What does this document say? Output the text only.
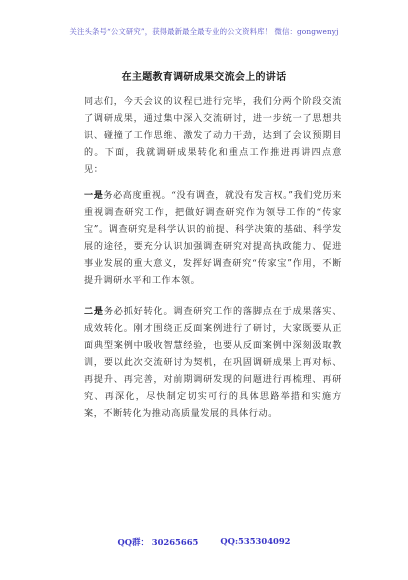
关注头条号“公文研究”，获得最新最全最专业的公文资料库！ 微信：gongwenyj
在主题教育调研成果交流会上的讲话

同志们，今天会议的议程已进行完毕，我们分两个阶段交流了调研成果，通过集中深入交流研讨，进一步统一了思想共识、碰撞了工作思维、激发了动力干劲，达到了会议预期目的。下面，我就调研成果转化和重点工作推进再讲四点意见：

一是务必高度重视。“没有调查，就没有发言权。”我们党历来重视调查研究工作，把做好调查研究作为领导工作的“传家宝”。调查研究是科学认识的前提、科学决策的基础、科学发展的途径，要充分认识加强调查研究对提高执政能力、促进事业发展的重大意义，发挥好调查研究“传家宝”作用，不断提升调研水平和工作本领。

二是务必抓好转化。调查研究工作的落脚点在于成果落实、成效转化。刚才围绕正反面案例进行了研讨，大家既要从正面典型案例中吸收智慧经验，也要从反面案例中深刻汲取教训，要以此次交流研讨为契机，在巩固调研成果上再对标、再提升、再完善，对前期调研发现的问题进行再梳理、再研究、再深化，尽快制定切实可行的具体思路举措和实施方案，不断转化为推动高质量发展的具体行动。

QQ群： 30265665	QQ:535304092
